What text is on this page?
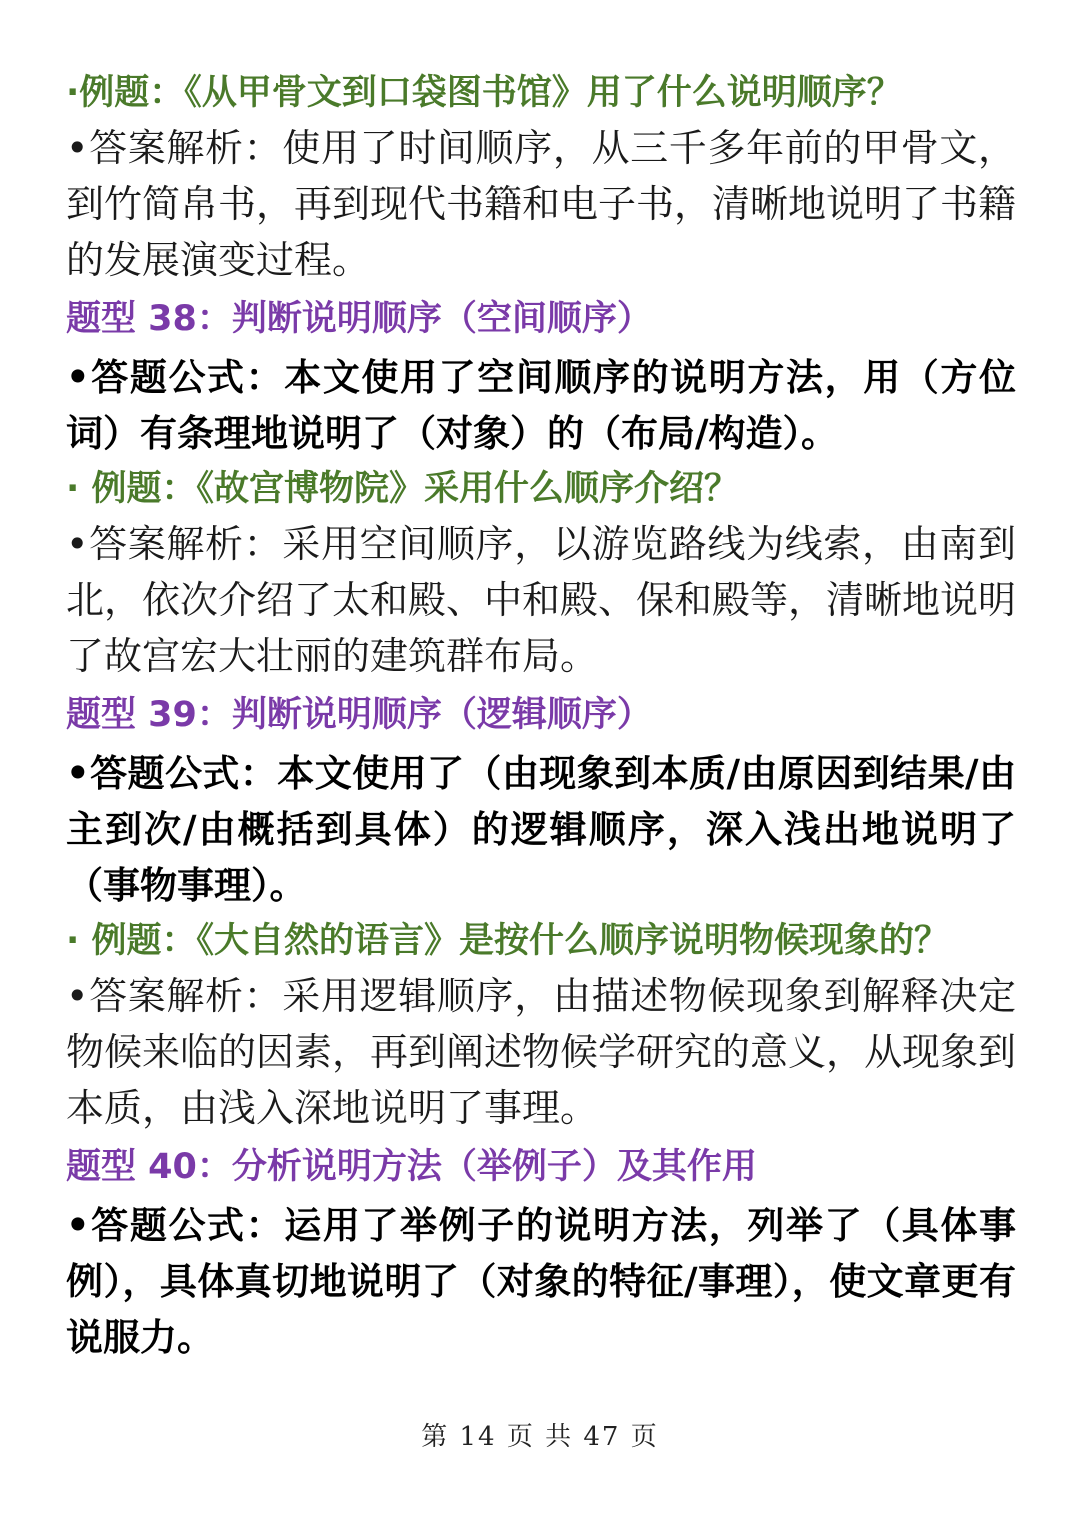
·例题：《从甲骨文到口袋图书馆》用了什么说明顺序？
•答案解析：使用了时间顺序，从三千多年前的甲骨文，到竹简帛书，再到现代书籍和电子书，清晰地说明了书籍的发展演变过程。
题型 38：判断说明顺序（空间顺序）
•答题公式：本文使用了空间顺序的说明方法，用（方位词）有条理地说明了（对象）的（布局/构造）。
· 例题：《故宫博物院》采用什么顺序介绍？
•答案解析：采用空间顺序，以游览路线为线索，由南到北，依次介绍了太和殿、中和殿、保和殿等，清晰地说明了故宫宏大壮丽的建筑群布局。
题型 39：判断说明顺序（逻辑顺序）
•答题公式：本文使用了（由现象到本质/由原因到结果/由主到次/由概括到具体）的逻辑顺序，深入浅出地说明了（事物事理）。
· 例题：《大自然的语言》是按什么顺序说明物候现象的？
•答案解析：采用逻辑顺序，由描述物候现象到解释决定物候来临的因素，再到阐述物候学研究的意义，从现象到本质，由浅入深地说明了事理。
题型 40：分析说明方法（举例子）及其作用
•答题公式：运用了举例子的说明方法，列举了（具体事例），具体真切地说明了（对象的特征/事理），使文章更有说服力。
第 14 页 共 47 页
